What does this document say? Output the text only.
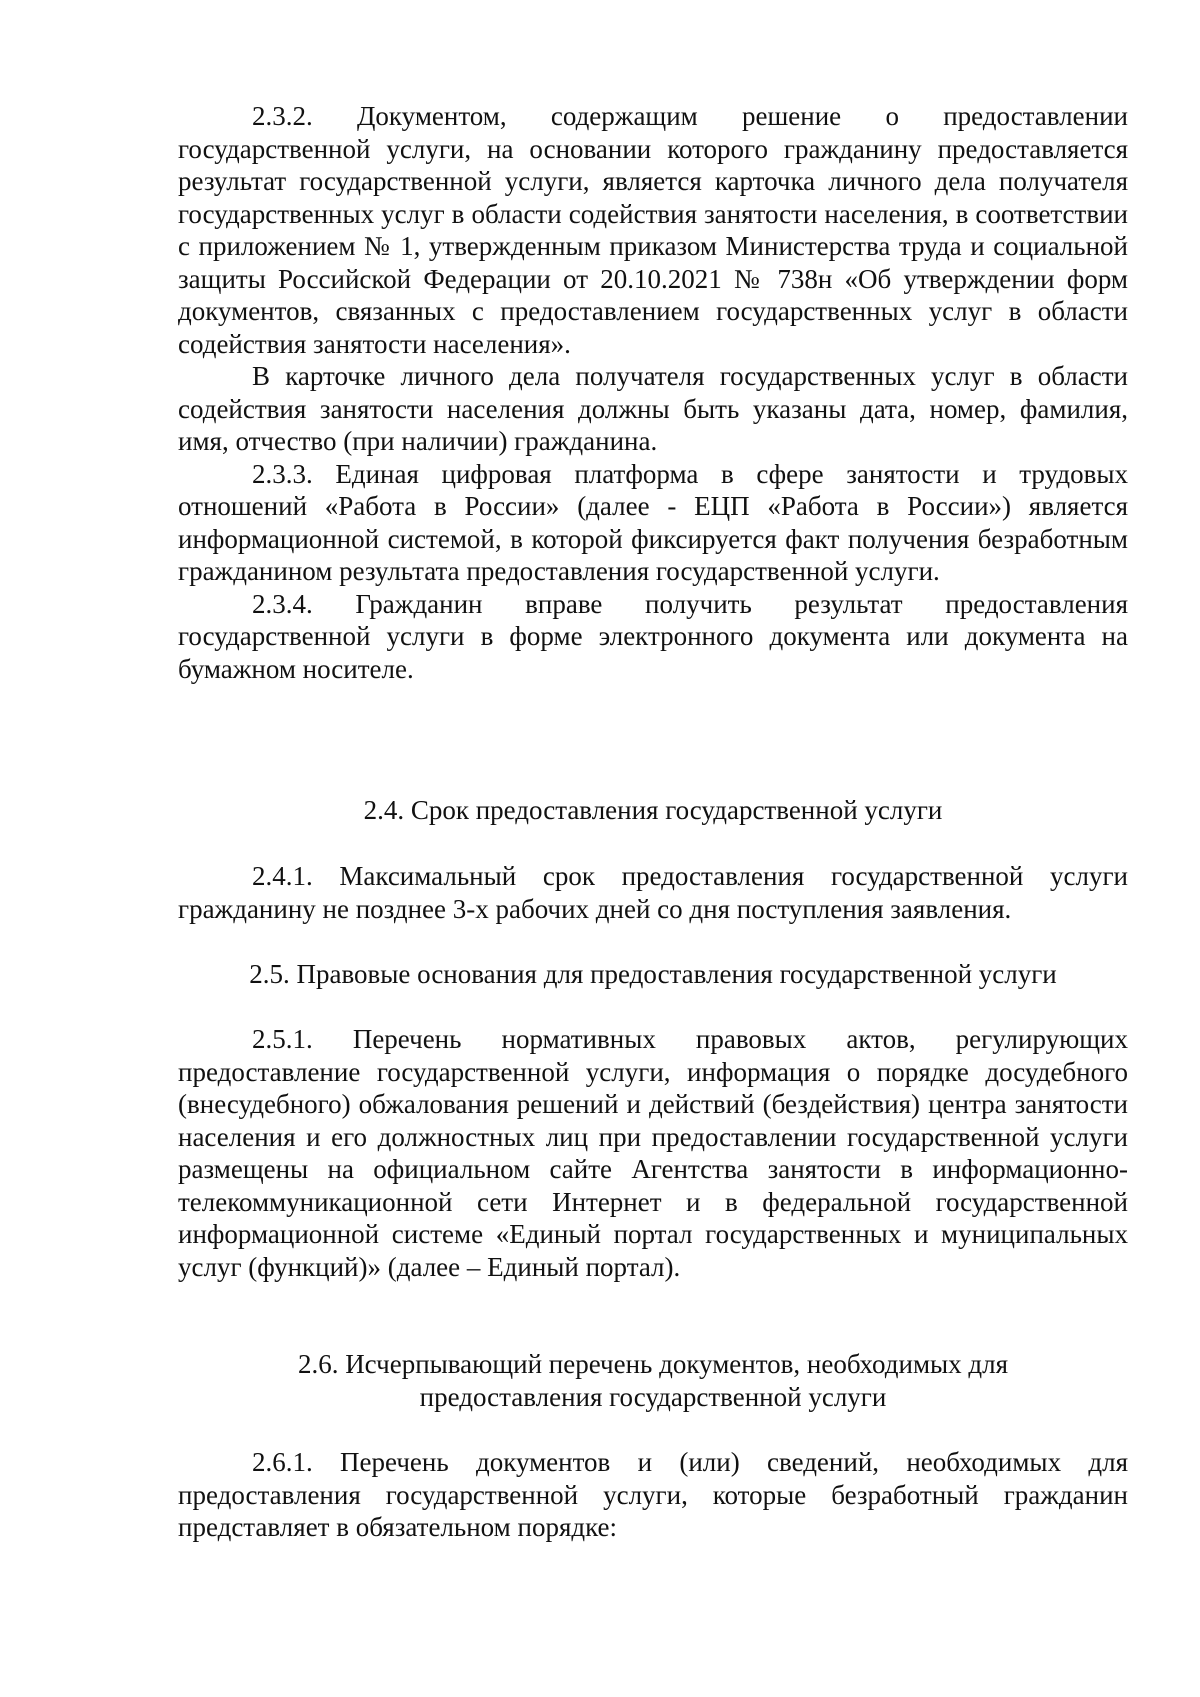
2.3.2. Документом, содержащим решение о предоставлении государственной услуги, на основании которого гражданину предоставляется результат государственной услуги, является карточка личного дела получателя государственных услуг в области содействия занятости населения, в соответствии с приложением № 1, утвержденным приказом Министерства труда и социальной защиты Российской Федерации от 20.10.2021 № 738н «Об утверждении форм документов, связанных с предоставлением государственных услуг в области содействия занятости населения».

В карточке личного дела получателя государственных услуг в области содействия занятости населения должны быть указаны дата, номер, фамилия, имя, отчество (при наличии) гражданина.

2.3.3. Единая цифровая платформа в сфере занятости и трудовых отношений «Работа в России» (далее - ЕЦП «Работа в России») является информационной системой, в которой фиксируется факт получения безработным гражданином результата предоставления государственной услуги.

2.3.4. Гражданин вправе получить результат предоставления государственной услуги в форме электронного документа или документа на бумажном носителе.

2.4. Срок предоставления государственной услуги

2.4.1. Максимальный срок предоставления государственной услуги гражданину не позднее 3-х рабочих дней со дня поступления заявления.

2.5. Правовые основания для предоставления государственной услуги

2.5.1. Перечень нормативных правовых актов, регулирующих предоставление государственной услуги, информация о порядке досудебного (внесудебного) обжалования решений и действий (бездействия) центра занятости населения и его должностных лиц при предоставлении государственной услуги размещены на официальном сайте Агентства занятости в информационно-телекоммуникационной сети Интернет и в федеральной государственной информационной системе «Единый портал государственных и муниципальных услуг (функций)» (далее – Единый портал).

2.6. Исчерпывающий перечень документов, необходимых для
предоставления государственной услуги

2.6.1. Перечень документов и (или) сведений, необходимых для предоставления государственной услуги, которые безработный гражданин представляет в обязательном порядке:
